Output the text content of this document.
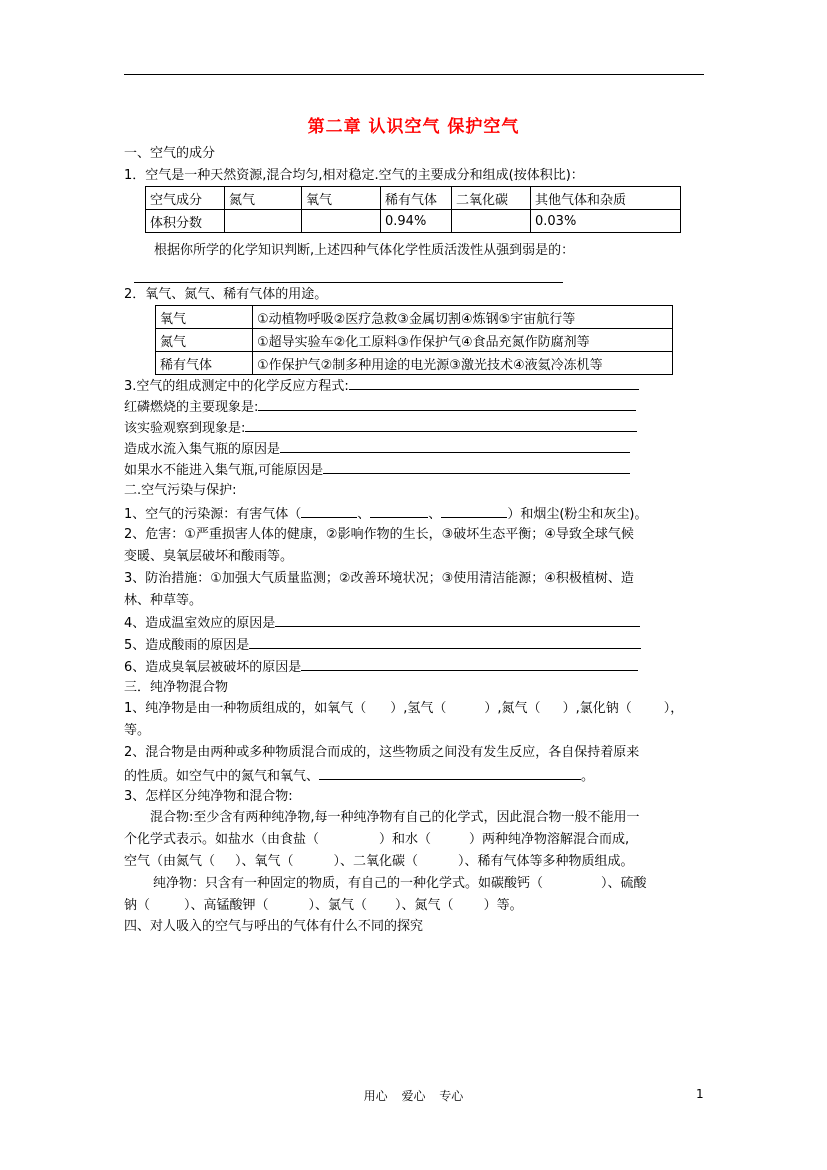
第二章 认识空气 保护空气
一、空气的成分
1．空气是一种天然资源,混合均匀,相对稳定.空气的主要成分和组成(按体积比)：
空气成分	氮气	氧气	稀有气体	二氧化碳	其他气体和杂质
体积分数			0.94%		0.03%
根据你所学的化学知识判断,上述四种气体化学性质活泼性从强到弱是的：
2．氧气、氮气、稀有气体的用途。
氧气	①动植物呼吸②医疗急救③金属切割④炼钢⑤宇宙航行等
氮气	①超导实验车②化工原料③作保护气④食品充氮作防腐剂等
稀有气体	①作保护气②制多种用途的电光源③激光技术④液氦冷冻机等
3.空气的组成测定中的化学反应方程式:
红磷燃烧的主要现象是:
该实验观察到现象是:
造成水流入集气瓶的原因是
如果水不能进入集气瓶,可能原因是
二.空气污染与保护:
1、空气的污染源：有害气体（	、	、	）和烟尘(粉尘和灰尘)。
2、危害：①严重损害人体的健康，②影响作物的生长，③破坏生态平衡；④导致全球气候
变暖、臭氧层破坏和酸雨等。
3、防治措施：①加强大气质量监测；②改善环境状况；③使用清洁能源；④积极植树、造
林、种草等。
4、造成温室效应的原因是
5、造成酸雨的原因是
6、造成臭氧层被破坏的原因是
三．纯净物混合物
1、纯净物是由一种物质组成的，如氧气（ ）,氢气（	）,氮气（ ）,氯化钠（ ），
等。
2、混合物是由两种或多种物质混合而成的，这些物质之间没有发生反应，各自保持着原来
的性质。如空气中的氮气和氧气、	。
3、怎样区分纯净物和混合物:
混合物:至少含有两种纯净物,每一种纯净物有自己的化学式，因此混合物一般不能用一
个化学式表示。如盐水（由食盐（	）和水（	）两种纯净物溶解混合而成,
空气（由氮气（ ）、氧气（	）、二氧化碳（	）、稀有气体等多种物质组成。
纯净物：只含有一种固定的物质，有自己的一种化学式。如碳酸钙（	）、硫酸
钠（	）、高锰酸钾（	）、氯气（ ）、氮气（ ）等。
四、对人吸入的空气与呼出的气体有什么不同的探究
用心 爱心 专心	1
